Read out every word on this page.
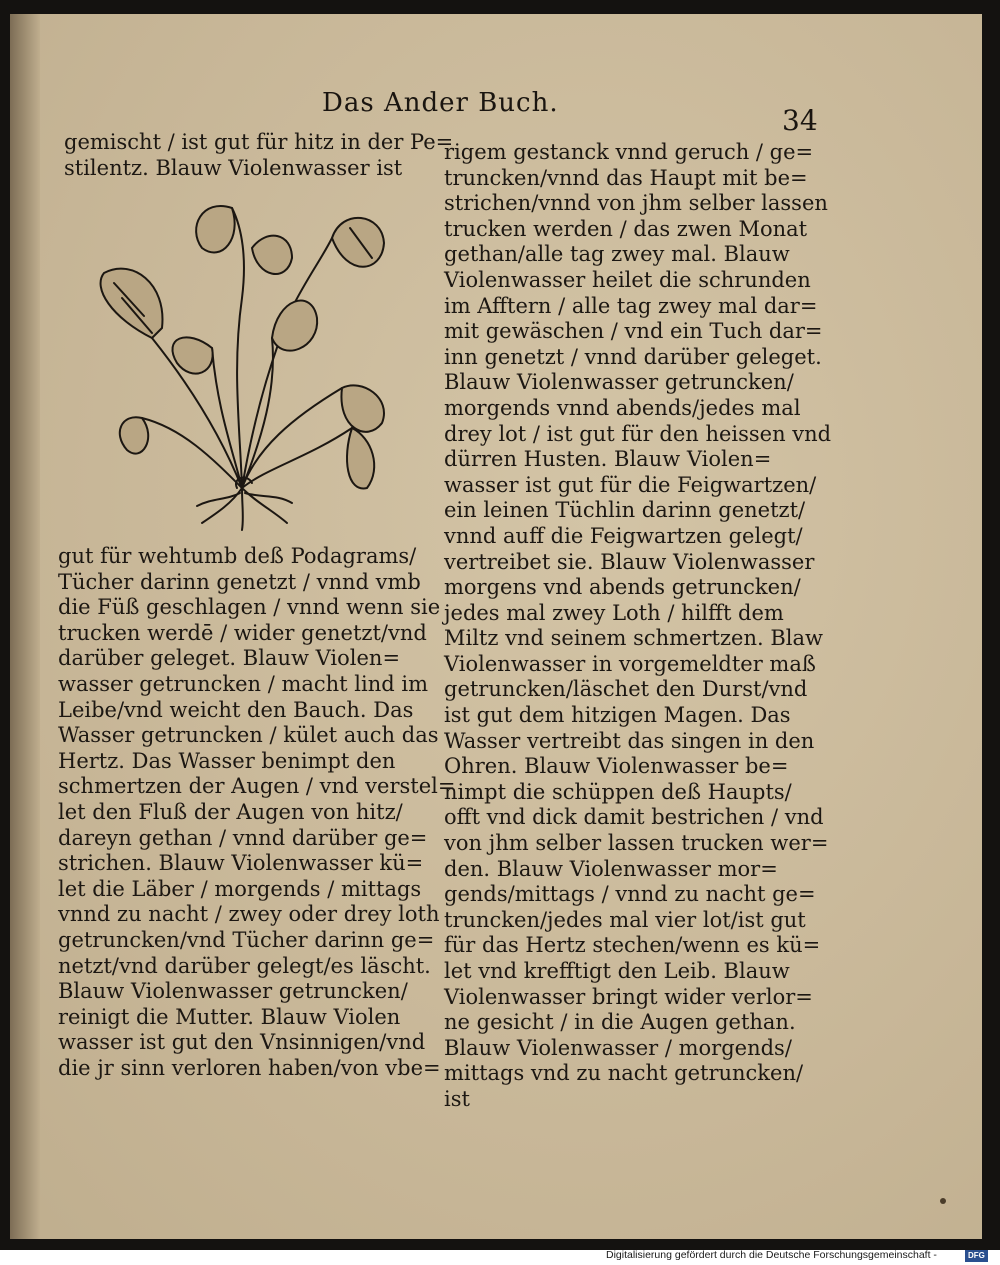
Das Ander Buch.
34
gemischt / ist gut für hitz in der Pe=
stilentz. Blauw Violenwasser ist
gut für wehtumb deß Podagrams/
Tücher darinn genetzt / vnnd vmb
die Füß geschlagen / vnnd wenn sie
trucken werdē / wider genetzt/vnd
darüber geleget. Blauw Violen=
wasser getruncken / macht lind im
Leibe/vnd weicht den Bauch. Das
Wasser getruncken / kület auch das
Hertz. Das Wasser benimpt den
schmertzen der Augen / vnd verstel=
let den Fluß der Augen von hitz/
dareyn gethan / vnnd darüber ge=
strichen. Blauw Violenwasser kü=
let die Läber / morgends / mittags
vnnd zu nacht / zwey oder drey loth
getruncken/vnd Tücher darinn ge=
netzt/vnd darüber gelegt/es läscht.
Blauw Violenwasser getruncken/
reinigt die Mutter. Blauw Violen
wasser ist gut den Vnsinnigen/vnd
die jr sinn verloren haben/von vbe=
rigem gestanck vnnd geruch / ge=
truncken/vnnd das Haupt mit be=
strichen/vnnd von jhm selber lassen
trucken werden / das zwen Monat
gethan/alle tag zwey mal. Blauw
Violenwasser heilet die schrunden
im Afftern / alle tag zwey mal dar=
mit gewäschen / vnd ein Tuch dar=
inn genetzt / vnnd darüber geleget.
Blauw Violenwasser getruncken/
morgends vnnd abends/jedes mal
drey lot / ist gut für den heissen vnd
dürren Husten. Blauw Violen=
wasser ist gut für die Feigwartzen/
ein leinen Tüchlin darinn genetzt/
vnnd auff die Feigwartzen gelegt/
vertreibet sie. Blauw Violenwasser
morgens vnd abends getruncken/
jedes mal zwey Loth / hilfft dem
Miltz vnd seinem schmertzen. Blaw
Violenwasser in vorgemeldter maß
getruncken/läschet den Durst/vnd
ist gut dem hitzigen Magen. Das
Wasser vertreibt das singen in den
Ohren. Blauw Violenwasser be=
nimpt die schüppen deß Haupts/
offt vnd dick damit bestrichen / vnd
von jhm selber lassen trucken wer=
den. Blauw Violenwasser mor=
gends/mittags / vnnd zu nacht ge=
truncken/jedes mal vier lot/ist gut
für das Hertz stechen/wenn es kü=
let vnd krefftigt den Leib. Blauw
Violenwasser bringt wider verlor=
ne gesicht / in die Augen gethan.
Blauw Violenwasser / morgends/
mittags vnd zu nacht getruncken/
ist
Digitalisierung gefördert durch die Deutsche Forschungsgemeinschaft -	DFG
